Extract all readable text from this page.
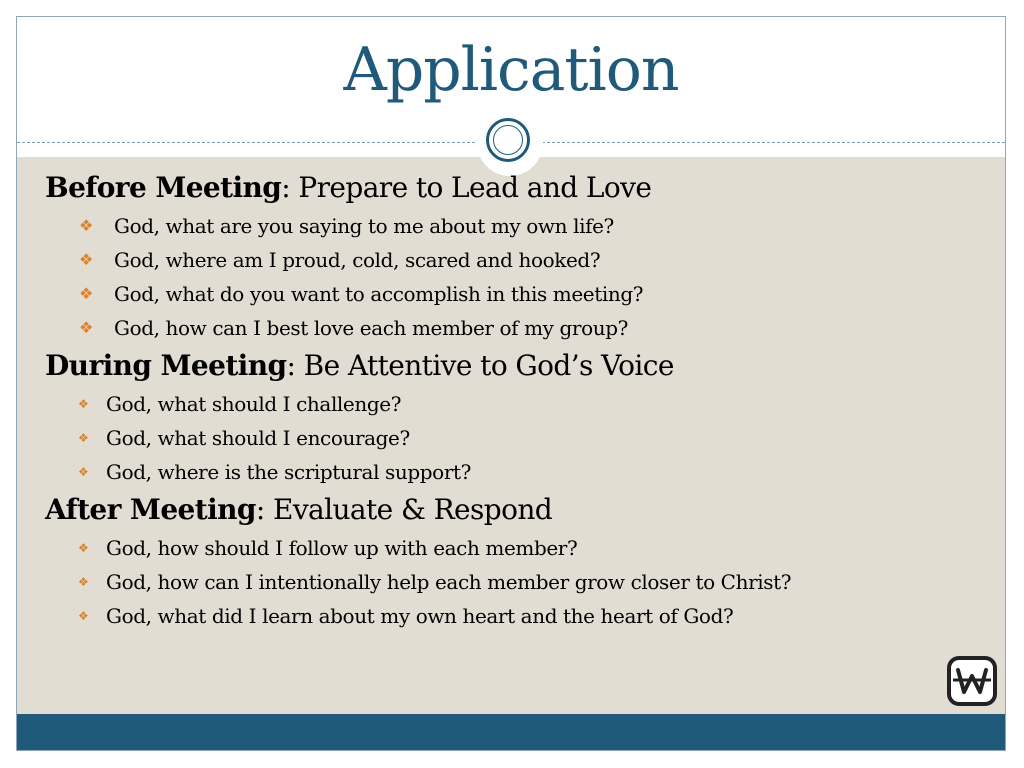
Application
Before Meeting: Prepare to Lead and Love
❖ God, what are you saying to me about my own life?
❖ God, where am I proud, cold, scared and hooked?
❖ God, what do you want to accomplish in this meeting?
❖ God, how can I best love each member of my group?
During Meeting: Be Attentive to God’s Voice
❖ God, what should I challenge?
❖ God, what should I encourage?
❖ God, where is the scriptural support?
After Meeting: Evaluate & Respond
❖ God, how should I follow up with each member?
❖ God, how can I intentionally help each member grow closer to Christ?
❖ God, what did I learn about my own heart and the heart of God?
